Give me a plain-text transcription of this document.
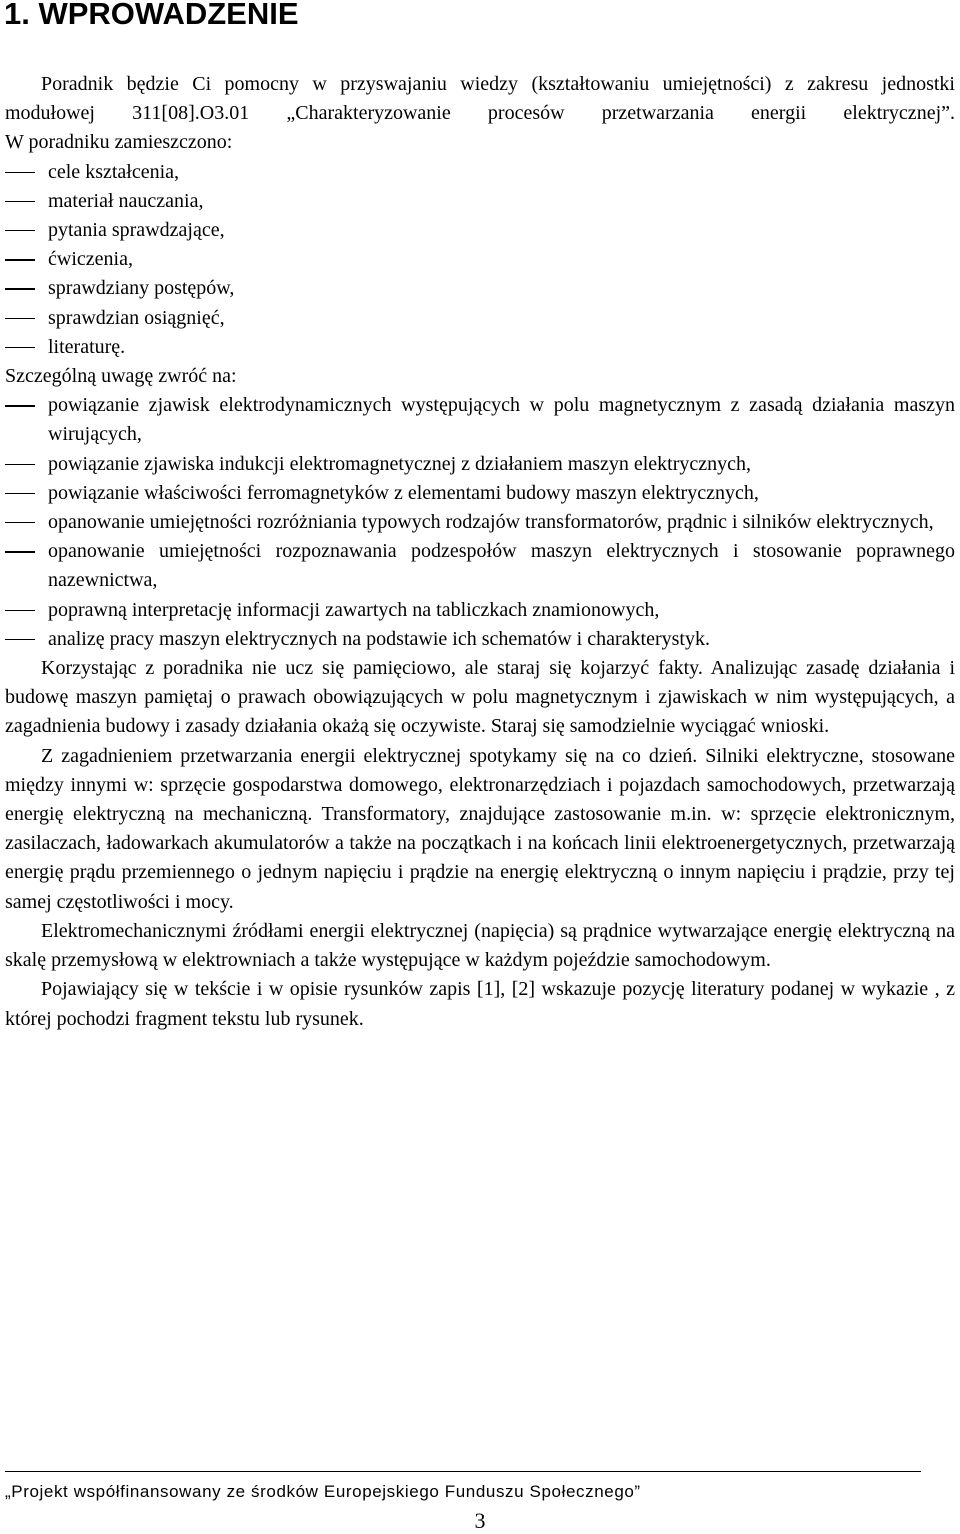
1. WPROWADZENIE

Poradnik będzie Ci pomocny w przyswajaniu wiedzy (kształtowaniu umiejętności) z zakresu jednostki modułowej 311[08].O3.01 „Charakteryzowanie procesów przetwarzania energii elektrycznej”.

W poradniku zamieszczono:

cele kształcenia,
materiał nauczania,
pytania sprawdzające,
ćwiczenia,
sprawdziany postępów,
sprawdzian osiągnięć,
literaturę.

Szczególną uwagę zwróć na:

powiązanie zjawisk elektrodynamicznych występujących w polu magnetycznym z zasadą działania maszyn wirujących,
powiązanie zjawiska indukcji elektromagnetycznej z działaniem maszyn elektrycznych,
powiązanie właściwości ferromagnetyków z elementami budowy maszyn elektrycznych,
opanowanie umiejętności rozróżniania typowych rodzajów transformatorów, prądnic i silników elektrycznych,
opanowanie umiejętności rozpoznawania podzespołów maszyn elektrycznych i stosowanie poprawnego nazewnictwa,
poprawną interpretację informacji zawartych na tabliczkach znamionowych,
analizę pracy maszyn elektrycznych na podstawie ich schematów i charakterystyk.

Korzystając z poradnika nie ucz się pamięciowo, ale staraj się kojarzyć fakty. Analizując zasadę działania i budowę maszyn pamiętaj o prawach obowiązujących w polu magnetycznym i zjawiskach w nim występujących, a zagadnienia budowy i zasady działania okażą się oczywiste. Staraj się samodzielnie wyciągać wnioski.

Z zagadnieniem przetwarzania energii elektrycznej spotykamy się na co dzień. Silniki elektryczne, stosowane między innymi w: sprzęcie gospodarstwa domowego, elektronarzędziach i pojazdach samochodowych, przetwarzają energię elektryczną na mechaniczną. Transformatory, znajdujące zastosowanie m.in. w: sprzęcie elektronicznym, zasilaczach, ładowarkach akumulatorów a także na początkach i na końcach linii elektroenergetycznych, przetwarzają energię prądu przemiennego o jednym napięciu i prądzie na energię elektryczną o innym napięciu i prądzie, przy tej samej częstotliwości i mocy.

Elektromechanicznymi źródłami energii elektrycznej (napięcia) są prądnice wytwarzające energię elektryczną na skalę przemysłową w elektrowniach a także występujące w każdym pojeździe samochodowym.

Pojawiający się w tekście i w opisie rysunków zapis [1], [2] wskazuje pozycję literatury podanej w wykazie , z której pochodzi fragment tekstu lub rysunek.

„Projekt współfinansowany ze środków Europejskiego Funduszu Społecznego”
3
